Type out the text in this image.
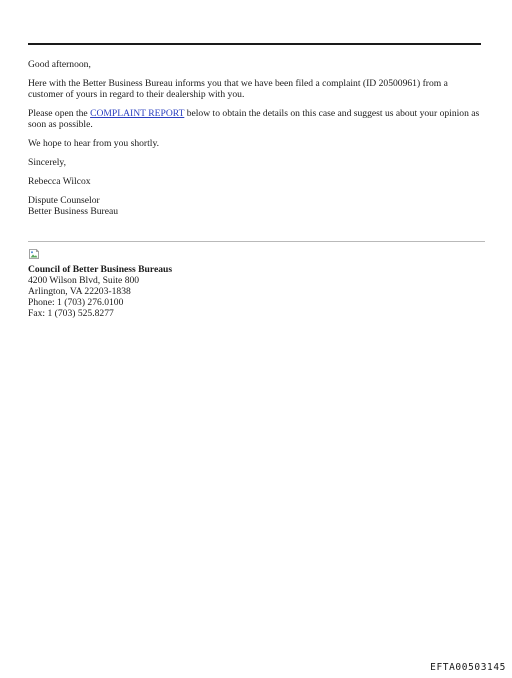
Good afternoon,

Here with the Better Business Bureau informs you that we have been filed a complaint (ID 20500961) from a customer of yours in regard to their dealership with you.

Please open the COMPLAINT REPORT below to obtain the details on this case and suggest us about your opinion as soon as possible.

We hope to hear from you shortly.

Sincerely,

Rebecca Wilcox

Dispute Counselor
Better Business Bureau

Council of Better Business Bureaus
4200 Wilson Blvd, Suite 800
Arlington, VA 22203-1838
Phone: 1 (703) 276.0100
Fax: 1 (703) 525.8277
EFTA00503145
